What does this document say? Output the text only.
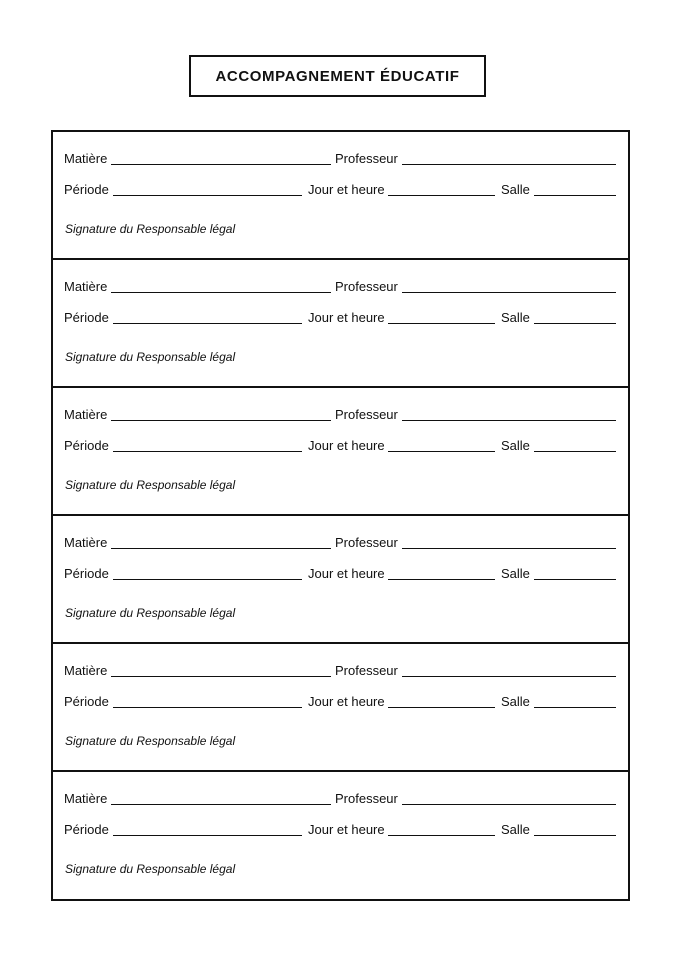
ACCOMPAGNEMENT ÉDUCATIF
Matière	Professeur
Période	Jour et heure	Salle
Signature du Responsable légal
Matière	Professeur
Période	Jour et heure	Salle
Signature du Responsable légal
Matière	Professeur
Période	Jour et heure	Salle
Signature du Responsable légal
Matière	Professeur
Période	Jour et heure	Salle
Signature du Responsable légal
Matière	Professeur
Période	Jour et heure	Salle
Signature du Responsable légal
Matière	Professeur
Période	Jour et heure	Salle
Signature du Responsable légal
